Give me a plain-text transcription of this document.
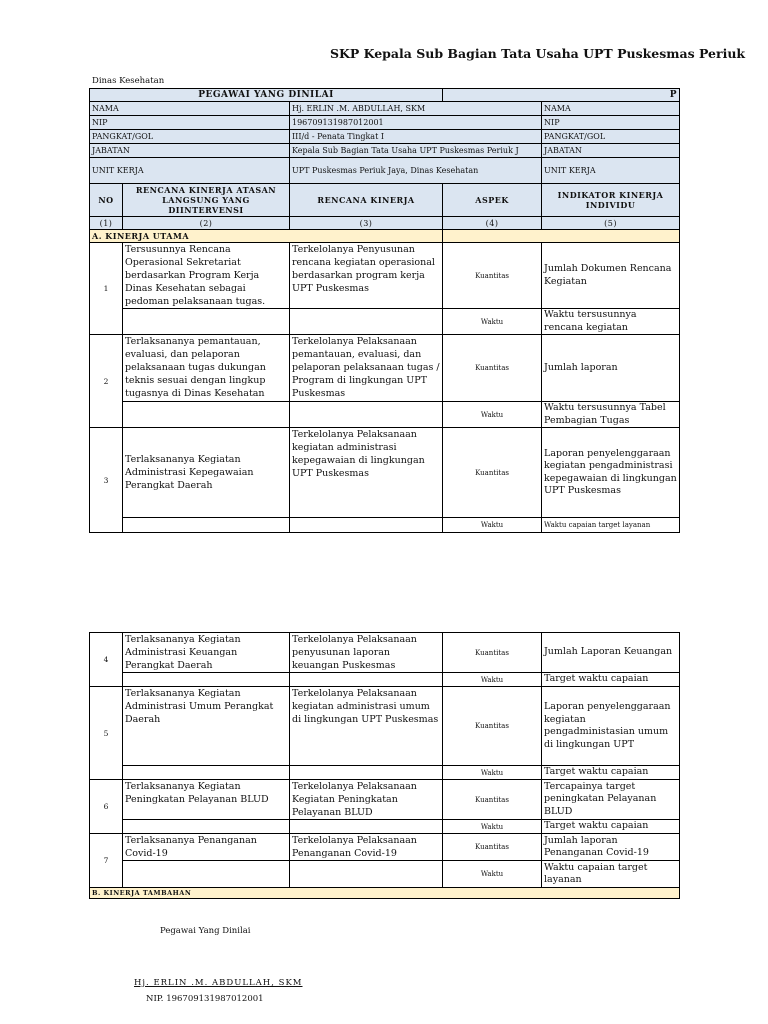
SKP Kepala Sub Bagian Tata Usaha UPT Puskesmas Periuk
Dinas Kesehatan
PEGAWAI YANG DINILAI			P	
NAMA		Hj. ERLIN .M. ABDULLAH, SKM		NAMA
NIP		196709131987012001		NIP
PANGKAT/GOL		III/d - Penata Tingkat I		PANGKAT/GOL
JABATAN		Kepala Sub Bagian Tata Usaha UPT Puskesmas Periuk J		JABATAN
UNIT KERJA		UPT Puskesmas Periuk Jaya, Dinas Kesehatan		UNIT KERJA
NO	RENCANA KINERJA ATASAN LANGSUNG YANG DIINTERVENSI	RENCANA KINERJA	ASPEK	INDIKATOR KINERJA INDIVIDU
(1)	(2)	(3)	(4)	(5)
A. KINERJA UTAMA				
1	Tersusunnya Rencana Operasional Sekretariat berdasarkan Program Kerja Dinas Kesehatan sebagai pedoman pelaksanaan tugas.	Terkelolanya Penyusunan rencana kegiatan operasional berdasarkan program kerja UPT Puskesmas	Kuantitas	Jumlah Dokumen Rencana Kegiatan
			Waktu	Waktu tersusunnya rencana kegiatan
2	Terlaksananya pemantauan, evaluasi, dan pelaporan pelaksanaan tugas dukungan teknis sesuai dengan lingkup tugasnya di Dinas Kesehatan	Terkelolanya Pelaksanaan pemantauan, evaluasi, dan pelaporan pelaksanaan tugas / Program di lingkungan UPT Puskesmas	Kuantitas	Jumlah laporan
			Waktu	Waktu tersusunnya Tabel Pembagian Tugas
3	Terlaksananya Kegiatan Administrasi Kepegawaian Perangkat Daerah	Terkelolanya Pelaksanaan kegiatan administrasi kepegawaian di lingkungan UPT Puskesmas	Kuantitas	Laporan penyelenggaraan kegiatan pengadministrasi kepegawaian di lingkungan UPT Puskesmas
			Waktu	Waktu capaian target layanan
4	Terlaksananya Kegiatan Administrasi Keuangan Perangkat Daerah	Terkelolanya Pelaksanaan penyusunan laporan keuangan Puskesmas	Kuantitas	Jumlah Laporan Keuangan
			Waktu	Target waktu capaian
5	Terlaksananya Kegiatan Administrasi Umum Perangkat Daerah	Terkelolanya Pelaksanaan kegiatan administrasi umum di lingkungan UPT Puskesmas	Kuantitas	Laporan penyelenggaraan kegiatan pengadministasian umum di lingkungan UPT
			Waktu	Target waktu capaian
6	Terlaksananya Kegiatan Peningkatan Pelayanan BLUD	Terkelolanya Pelaksanaan Kegiatan Peningkatan Pelayanan BLUD	Kuantitas	Tercapainya target peningkatan Pelayanan BLUD
			Waktu	Target waktu capaian
7	Terlaksananya Penanganan Covid-19	Terkelolanya Pelaksanaan Penanganan Covid-19	Kuantitas	Jumlah laporan Penanganan Covid-19
			Waktu	Waktu capaian target layanan
B. KINERJA TAMBAHAN				
Pegawai Yang Dinilai
Hj. ERLIN .M. ABDULLAH, SKM
NIP. 196709131987012001
